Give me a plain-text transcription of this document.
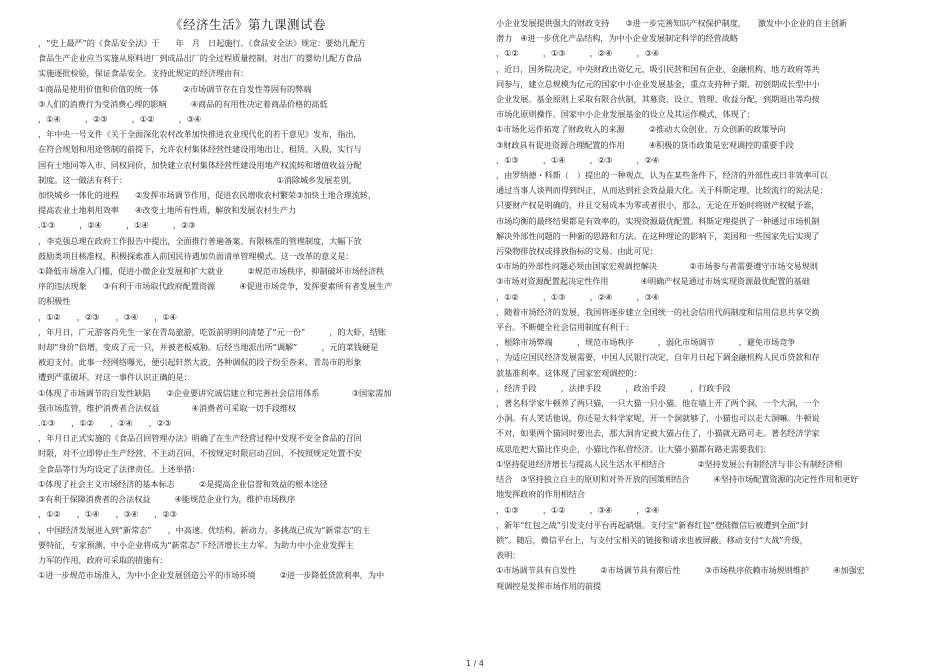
《经济生活》第九课测试卷
，“史上最严”的《食品安全法》于　　年　月　日起施行。《食品安全法》规定：要幼儿配方
食品生产企业应当实施从原料进厂到成品出厂的全过程质量控制，对出厂的婴幼儿配方食品
实施逐批检验，保证食品安全。支持此规定的经济理由有：
①商品是使用价值和价值的统一体　　　②市场调节存在自发性等固有的弊端
③人们的消费行为受消费心理的影响　　　④商品的有用性决定着商品价格的高低
，①④　　　，②③　　　，①②　　　，③④
，年中央一号文件《关于全面深化农村改革加快推进农业现代化的若干意见》发布，指出，
在符合规划和用途管制的前提下，允许农村集体经营性建设用地出让、租赁、入股，实行与
国有土地同等入市、同权同价，加快建立农村集体经营性建设用地产权流转和增值收益分配
制度。这一做法有利于：　　　　　　　　　　　　　　　　　　　①消除城乡发展差别，
加快城乡一体化的进程　　②发挥市场调节作用，促进农民增收农村繁荣③加快土地合理流转，
提高农业土地利用效率　　④改变土地所有性质，解放和发展农村生产力
.①③　　　，②④　　　，①④　　　，②③
，李克强总理在政府工作报告中提出，全面推行普遍备案、有限核准的管理制度，大幅下放
鼓励类项目核准权，积极探索准入前国民待遇加负面清单管理模式。这一改革的意义是：
①降低市场准入门槛，促进小微企业发展和扩大就业　　　②规范市场秩序，抑制破坏市场经济秩
序的违法现象　　③有利于市场取代政府配置资源　　　④促进市场竞争，发挥要素所有者发展生产
的积极性
，①②　　，②③　　，③④　　，①④
，年月日，广元游客肖先生一家在青岛旅游，吃饭前明明问清楚了“元一份”　　　，的大虾，结账
时却“身价”倍增，变成了元一只，并被老板威胁。后经当地派出所“调解”　　　，元的菜钱硬是
被迫支付。此事一经网络曝光，便引起轩然大波，各种调侃的段子纷至沓来，青岛市的形象
遭到严重破坏。对这一事件认识正确的是：
①体现了市场调节的自发性缺陷　　②企业要讲究诚信建立和完善社会信用体系　　　　③国家需加
强市场监管，维护消费者合法权益　　　　④消费者可采取一切手段维权
.①③　　，①②　　，②④　　，②③
，年月日正式实施的《食品召回管理办法》明确了在生产经营过程中发现不安全食品的召回
时限，对不立即停止生产经营、不主动召回、不按规定时限启动召回、不按照规定处置不安
全食品等行为均设定了法律责任。上述举措：
①体现了社会主义市场经济的基本标志　　　②是提高企业信誉和效益的根本途径
③有利于保障消费者的合法权益　　　④能规范企业行为，维护市场秩序
，①②　　，①④　　，③④　　，②③
，中国经济发展进入到“新常态”　　，中高速、优结构、新动力、多挑战已成为“新常态”的主
要特征，专家预测，中小企业将成为“新常态”下经济增长主力军。为助力中小企业发挥主
力军的作用，政府可采取的措施有：
①进一步规范市场准入，为中小企业发展创造公平的市场环境　　　②进一步降低贷款利率，为中
小企业发展提供强大的财政支持　　③进一步完善知识产权保护制度，　　激发中小企业的自主创新
潜力　④进一步优化产品结构，为中小企业发展制定科学的经营战略
，①②　　　，①③　　　，②④　　　，③④
，近日，国务院决定，中央财政出资亿元，吸引民营和国有企业、金融机构、地方政府等共
同参与，建立总规模为亿元的国家中小企业发展基金，重点支持种子期、初创期成长型中小
企业发展。基金原则上采取有限合伙制，其募资、设立、管理、收益分配，到期退出等均按
市场化原则操作。国家中小企业发展基金的设立及其运作模式，体现了：
①市场化运作拓宽了财政收入的来源　　　②推动大众创业、万众创新的政策导向
③财政具有促进资源合理配置的作用　　　④积极的货币政策是宏观调控的重要手段
，①③　　　，①④　　　，②③　　　，②④
，由罗纳德・科斯（　）提出的一种观点，认为在某些条件下，经济的外部性或曰非效率可以
通过当事人谈判而得到纠正，从而达到社会效益最大化。关于科斯定理，比较流行的说法是：
只要财产权是明确的，并且交易成本为零或者很小，那么，无论在开始时将财产权赋予谁，
市场均衡的最终结果都是有效率的，实现资源最优配置。科斯定理提供了一种通过市场机制
解决外部性问题的一种新的思路和方法。在这种理论的影响下，美国和一些国家先后实现了
污染物排放权或排放指标的交易。由此可见：
①市场的外部性问题必须由国家宏观调控解决　　　　②市场参与者需要遵守市场交易规则
③市场对资源配置起决定性作用　　　　④明确产权是通过市场实现资源最优配置的基础
，①②　　　，①③　　　，②④　　　，③④
，随着市场经济的发展，我国将逐步建立全国统一的社会信用代码制度和信用信息共享交换
平台。不断健全社会信用制度有利于：
，根除市场弊端　　　，规范市场秩序　　　，弱化市场调节　　　，避免市场竞争
，为适应国民经济发展需要，中国人民银行决定，自年月日起下调金融机构人民币贷款和存
款基准利率。这体现了国家宏观调控的：
，经济手段　　　，法律手段　　　，政治手段　　　，行政手段
，著名科学家牛顿养了两只猫，一只大猫一只小猫。他在墙上开了两个洞，一个大洞，一个
小洞。有人笑话他说，你还是大科学家呢，开一个洞就够了，小猫也可以走大洞嘛。牛顿说
不对，如果两个猫同时要出去，那大洞肯定被大猫占住了，小猫就无路可走。著名经济学家
成思危把大猫比作央企，小猫比作私营经济。让大猫小猫都有路走需要我们：
①坚持促进经济增长与提高人民生活水平相结合　　　　②坚持发展公有制经济与非公有制经济相
结合　③坚持独立自主的原则和对外开放的国策相结合　　　④坚持市场配置资源的决定性作用和更好
地发挥政府的作用相结合
，①③　　　，①②　　　，③④　　　，②④
，新年“红包之战”引发支付平台再起硝烟。支付宝“新春红包”登陆微信后被遭到全面“封
锁”。随后，微信平台上，与支付宝相关的链接和请求也被屏蔽。移动支付“大战”升级，
表明：
①市场调节具有自发性　　　②市场调节具有滞后性　　　③市场秩序依赖市场规则维护　　　④加强宏
观调控是发挥市场作用的前提
1 / 4
